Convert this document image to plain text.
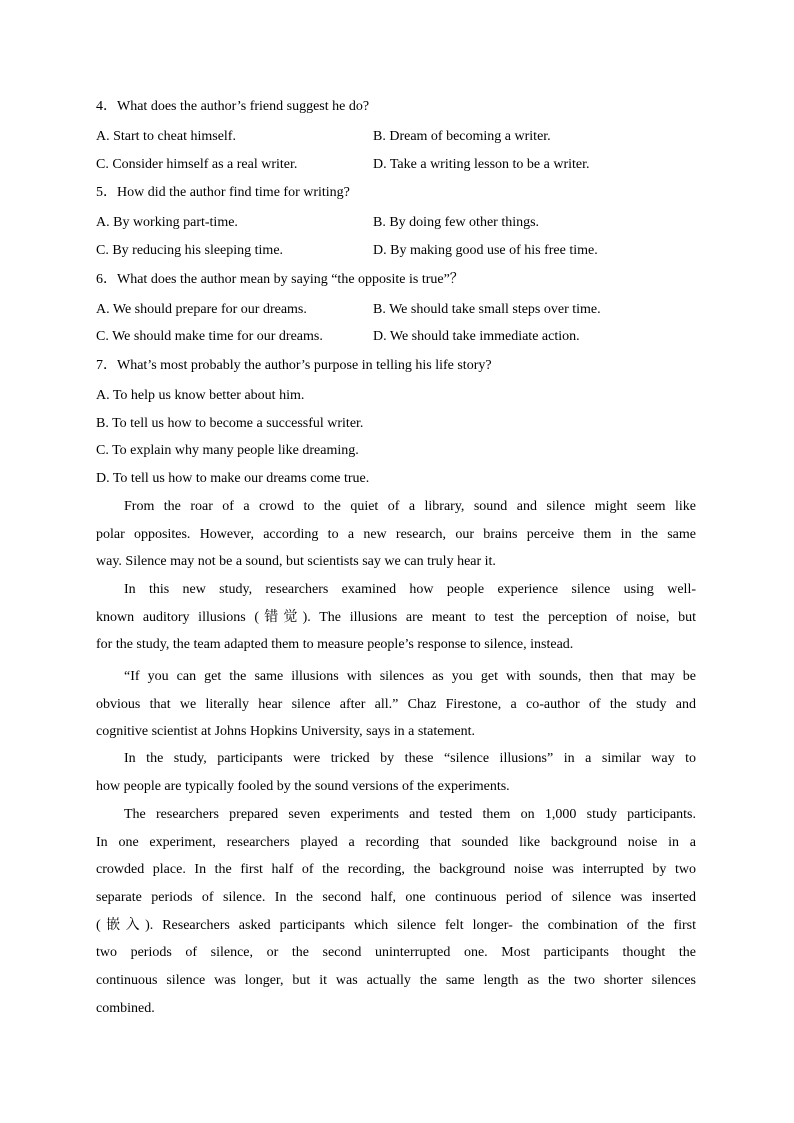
4．What does the author’s friend suggest he do?
A. Start to cheat himself.	B. Dream of becoming a writer.
C. Consider himself as a real writer.	D. Take a writing lesson to be a writer.
5．How did the author find time for writing?
A. By working part-time.	B. By doing few other things.
C. By reducing his sleeping time.	D. By making good use of his free time.
6．What does the author mean by saying “the opposite is true”？
A. We should prepare for our dreams.	B. We should take small steps over time.
C. We should make time for our dreams.	D. We should take immediate action.
7．What’s most probably the author’s purpose in telling his life story?
A. To help us know better about him.
B. To tell us how to become a successful writer.
C. To explain why many people like dreaming.
D. To tell us how to make our dreams come true.
From the roar of a crowd to the quiet of a library, sound and silence might seem like
polar opposites. However, according to a new research, our brains perceive them in the same
way. Silence may not be a sound, but scientists say we can truly hear it.
In this new study, researchers examined how people experience silence using well-
known auditory illusions (错觉). The illusions are meant to test the perception of noise, but
for the study, the team adapted them to measure people’s response to silence, instead.
“If you can get the same illusions with silences as you get with sounds, then that may be
obvious that we literally hear silence after all.” Chaz Firestone, a co-author of the study and
cognitive scientist at Johns Hopkins University, says in a statement.
In the study, participants were tricked by these “silence illusions” in a similar way to
how people are typically fooled by the sound versions of the experiments.
The researchers prepared seven experiments and tested them on 1,000 study participants.
In one experiment, researchers played a recording that sounded like background noise in a
crowded place. In the first half of the recording, the background noise was interrupted by two
separate periods of silence. In the second half, one continuous period of silence was inserted
(嵌入). Researchers asked participants which silence felt longer- the combination of the first
two periods of silence, or the second uninterrupted one. Most participants thought the
continuous silence was longer, but it was actually the same length as the two shorter silences
combined.
